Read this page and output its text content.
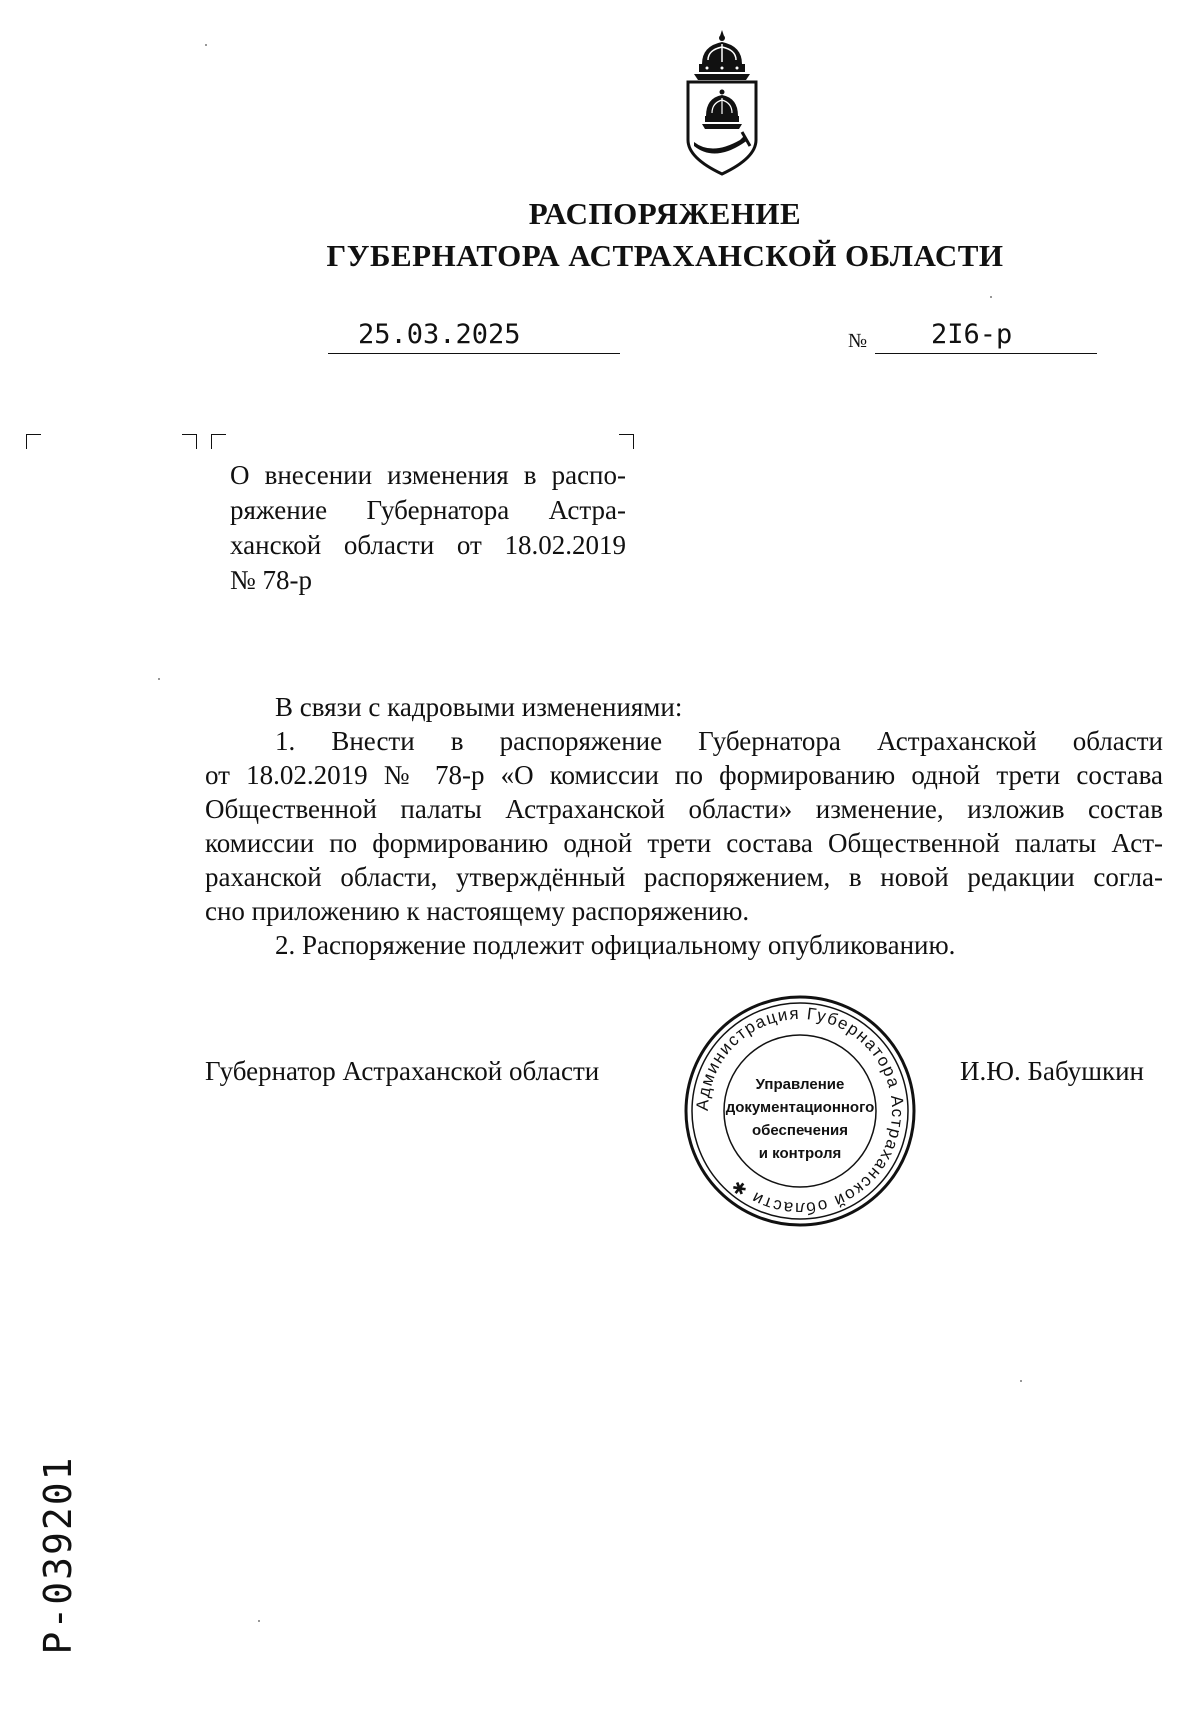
РАСПОРЯЖЕНИЕ
ГУБЕРНАТОРА АСТРАХАНСКОЙ ОБЛАСТИ
25.03.2025	№	2I6-р
О внесении изменения в распо-
ряжение Губернатора Астра-
ханской области от 18.02.2019
№ 78-р
В связи с кадровыми изменениями:
1. Внести в распоряжение Губернатора Астраханской области
от 18.02.2019 № 78-р «О комиссии по формированию одной трети состава
Общественной палаты Астраханской области» изменение, изложив состав
комиссии по формированию одной трети состава Общественной палаты Аст-
раханской области, утверждённый распоряжением, в новой редакции согла-
сно приложению к настоящему распоряжению.
2. Распоряжение подлежит официальному опубликованию.
Губернатор Астраханской области	И.Ю. Бабушкин
Администрация Губернатора Астраханской области ✱
Управление
документационного
обеспечения
и контроля
Р-039201
